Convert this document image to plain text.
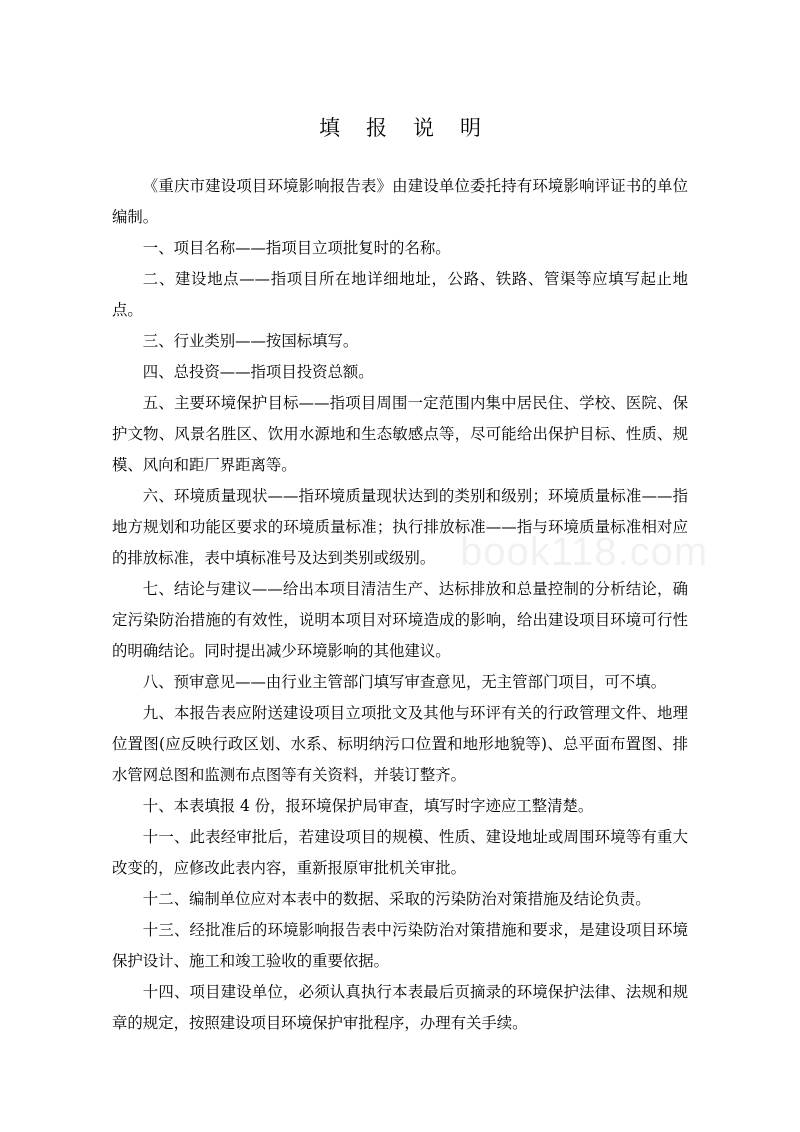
填报说明

《重庆市建设项目环境影响报告表》由建设单位委托持有环境影响评证书的单位编制。

一、项目名称——指项目立项批复时的名称。

二、建设地点——指项目所在地详细地址，公路、铁路、管渠等应填写起止地点。

三、行业类别——按国标填写。

四、总投资——指项目投资总额。

五、主要环境保护目标——指项目周围一定范围内集中居民住、学校、医院、保护文物、风景名胜区、饮用水源地和生态敏感点等，尽可能给出保护目标、性质、规模、风向和距厂界距离等。

六、环境质量现状——指环境质量现状达到的类别和级别；环境质量标准——指地方规划和功能区要求的环境质量标准；执行排放标准——指与环境质量标准相对应的排放标准，表中填标准号及达到类别或级别。

七、结论与建议——给出本项目清洁生产、达标排放和总量控制的分析结论，确定污染防治措施的有效性，说明本项目对环境造成的影响，给出建设项目环境可行性的明确结论。同时提出减少环境影响的其他建议。

八、预审意见——由行业主管部门填写审查意见，无主管部门项目，可不填。

九、本报告表应附送建设项目立项批文及其他与环评有关的行政管理文件、地理位置图(应反映行政区划、水系、标明纳污口位置和地形地貌等)、总平面布置图、排水管网总图和监测布点图等有关资料，并装订整齐。

十、本表填报 4 份，报环境保护局审查，填写时字迹应工整清楚。

十一、此表经审批后，若建设项目的规模、性质、建设地址或周围环境等有重大改变的，应修改此表内容，重新报原审批机关审批。

十二、编制单位应对本表中的数据、采取的污染防治对策措施及结论负责。

十三、经批准后的环境影响报告表中污染防治对策措施和要求，是建设项目环境保护设计、施工和竣工验收的重要依据。

十四、项目建设单位，必须认真执行本表最后页摘录的环境保护法律、法规和规章的规定，按照建设项目环境保护审批程序，办理有关手续。

book118.com
